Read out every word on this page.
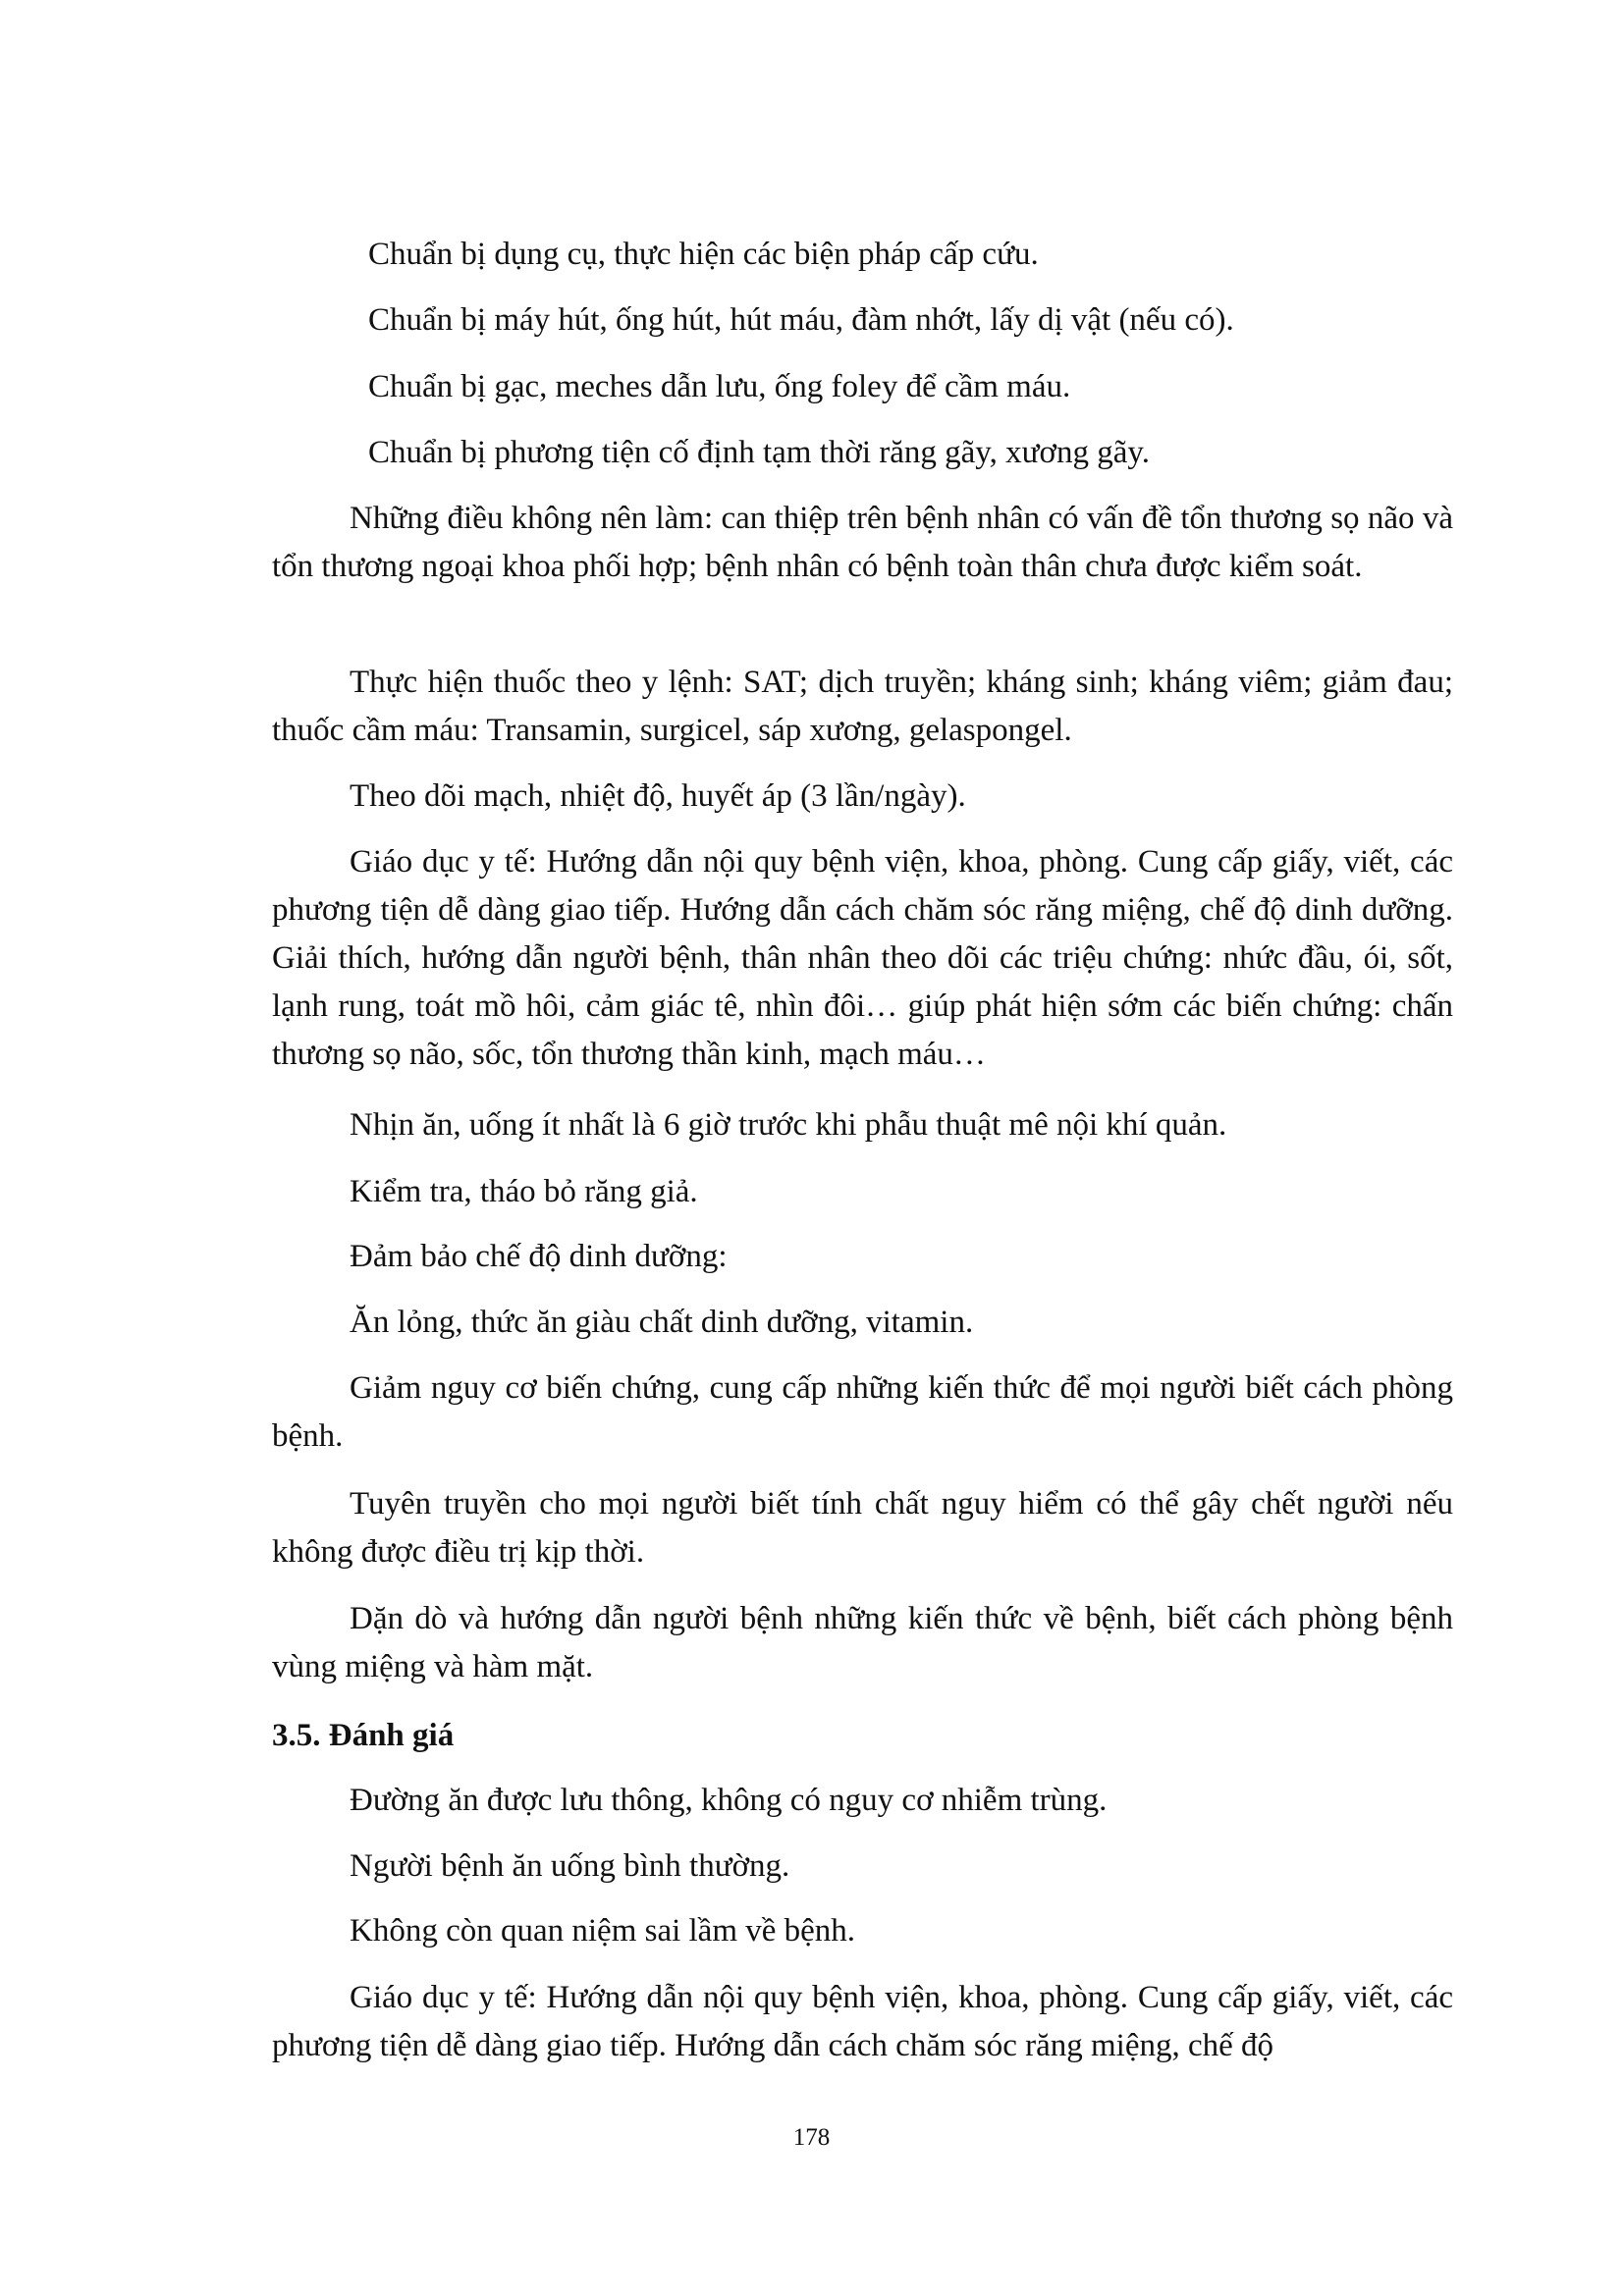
Chuẩn bị dụng cụ, thực hiện các biện pháp cấp cứu.

Chuẩn bị máy hút, ống hút, hút máu, đàm nhớt, lấy dị vật (nếu có).

Chuẩn bị gạc, meches dẫn lưu, ống foley để cầm máu.

Chuẩn bị phương tiện cố định tạm thời răng gãy, xương gãy.

Những điều không nên làm: can thiệp trên bệnh nhân có vấn đề tổn thương sọ não và tổn thương ngoại khoa phối hợp; bệnh nhân có bệnh toàn thân chưa được kiểm soát.

Thực hiện thuốc theo y lệnh: SAT; dịch truyền; kháng sinh; kháng viêm; giảm đau; thuốc cầm máu: Transamin, surgicel, sáp xương, gelaspongel.

Theo dõi mạch, nhiệt độ, huyết áp (3 lần/ngày).

Giáo dục y tế: Hướng dẫn nội quy bệnh viện, khoa, phòng. Cung cấp giấy, viết, các phương tiện dễ dàng giao tiếp. Hướng dẫn cách chăm sóc răng miệng, chế độ dinh dưỡng. Giải thích, hướng dẫn người bệnh, thân nhân theo dõi các triệu chứng: nhức đầu, ói, sốt, lạnh rung, toát mồ hôi, cảm giác tê, nhìn đôi… giúp phát hiện sớm các biến chứng: chấn thương sọ não, sốc, tổn thương thần kinh, mạch máu…

Nhịn ăn, uống ít nhất là 6 giờ trước khi phẫu thuật mê nội khí quản.

Kiểm tra, tháo bỏ răng giả.

Đảm bảo chế độ dinh dưỡng:

Ăn lỏng, thức ăn giàu chất dinh dưỡng, vitamin.

Giảm nguy cơ biến chứng, cung cấp những kiến thức để mọi người biết cách phòng bệnh.

Tuyên truyền cho mọi người biết tính chất nguy hiểm có thể gây chết người nếu không được điều trị kịp thời.

Dặn dò và hướng dẫn người bệnh những kiến thức về bệnh, biết cách phòng bệnh vùng miệng và hàm mặt.

3.5. Đánh giá

Đường ăn được lưu thông, không có nguy cơ nhiễm trùng.

Người bệnh ăn uống bình thường.

Không còn quan niệm sai lầm về bệnh.

Giáo dục y tế: Hướng dẫn nội quy bệnh viện, khoa, phòng. Cung cấp giấy, viết, các phương tiện dễ dàng giao tiếp. Hướng dẫn cách chăm sóc răng miệng, chế độ

178
